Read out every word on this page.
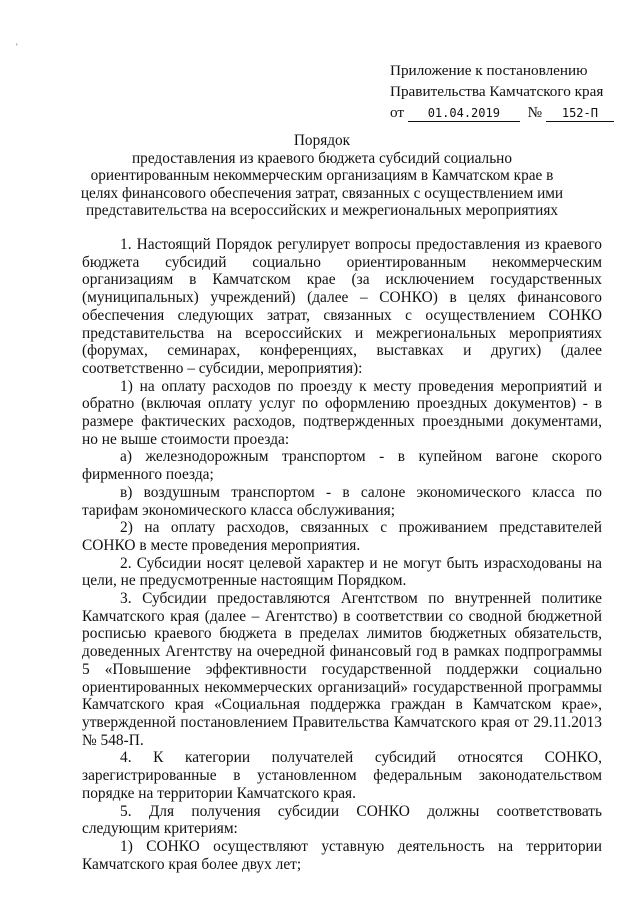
'
Приложение к постановлению
Правительства Камчатского края
от 01.04.2019 № 152-П
Порядок
предоставления из краевого бюджета субсидий социально ориентированным некоммерческим организациям в Камчатском крае в целях финансового обеспечения затрат, связанных с осуществлением ими представительства на всероссийских и межрегиональных мероприятиях

1. Настоящий Порядок регулирует вопросы предоставления из краевого бюджета субсидий социально ориентированным некоммерческим организациям в Камчатском крае (за исключением государственных (муниципальных) учреждений) (далее – СОНКО) в целях финансового обеспечения следующих затрат, связанных с осуществлением СОНКО представительства на всероссийских и межрегиональных мероприятиях (форумах, семинарах, конференциях, выставках и других) (далее соответственно – субсидии, мероприятия):

1) на оплату расходов по проезду к месту проведения мероприятий и обратно (включая оплату услуг по оформлению проездных документов) - в размере фактических расходов, подтвержденных проездными документами, но не выше стоимости проезда:

а) железнодорожным транспортом - в купейном вагоне скорого фирменного поезда;

в) воздушным транспортом - в салоне экономического класса по тарифам экономического класса обслуживания;

2) на оплату расходов, связанных с проживанием представителей СОНКО в месте проведения мероприятия.

2. Субсидии носят целевой характер и не могут быть израсходованы на цели, не предусмотренные настоящим Порядком.

3. Субсидии предоставляются Агентством по внутренней политике Камчатского края (далее – Агентство) в соответствии со сводной бюджетной росписью краевого бюджета в пределах лимитов бюджетных обязательств, доведенных Агентству на очередной финансовый год в рамках подпрограммы 5 «Повышение эффективности государственной поддержки социально ориентированных некоммерческих организаций» государственной программы Камчатского края «Социальная поддержка граждан в Камчатском крае», утвержденной постановлением Правительства Камчатского края от 29.11.2013 № 548-П.

4. К категории получателей субсидий относятся СОНКО, зарегистрированные в установленном федеральным законодательством порядке на территории Камчатского края.

5. Для получения субсидии СОНКО должны соответствовать следующим критериям:

1) СОНКО осуществляют уставную деятельность на территории Камчатского края более двух лет;
